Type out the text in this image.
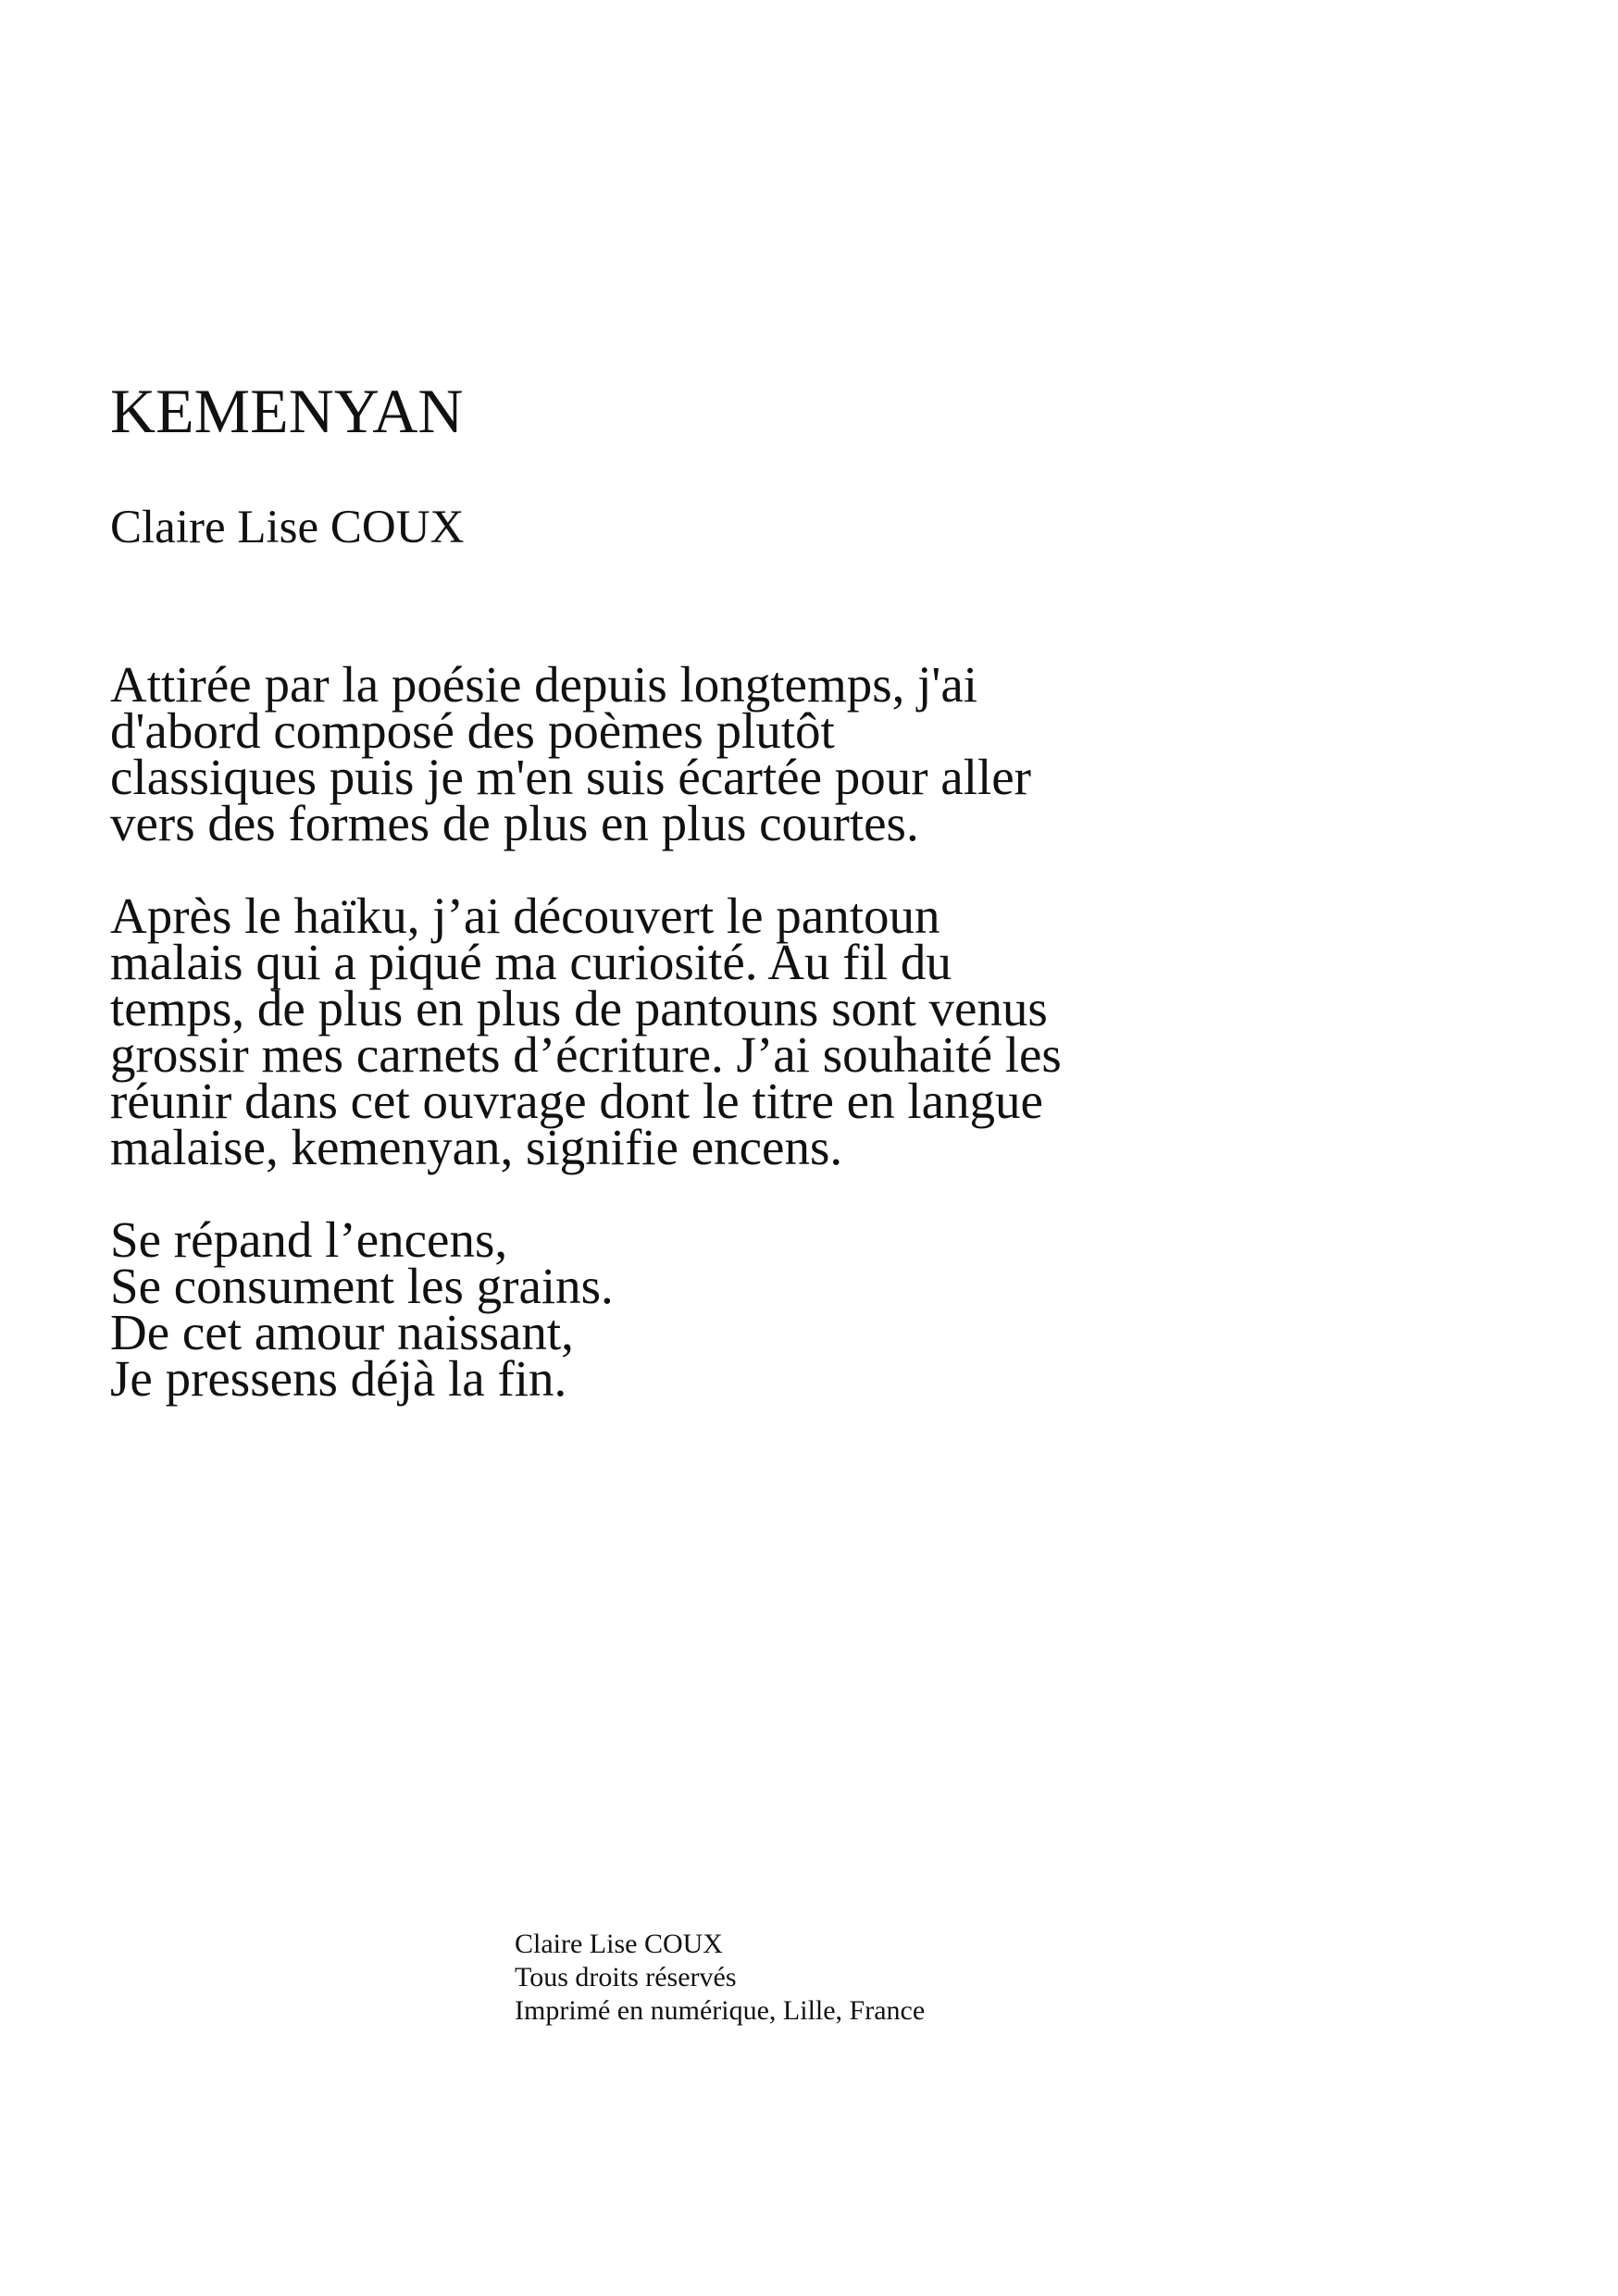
KEMENYAN
Claire Lise COUX

Attirée par la poésie depuis longtemps, j'ai
d'abord composé des poèmes plutôt
classiques puis je m'en suis écartée pour aller
vers des formes de plus en plus courtes.

Après le haïku, j’ai découvert le pantoun
malais qui a piqué ma curiosité. Au fil du
temps, de plus en plus de pantouns sont venus
grossir mes carnets d’écriture. J’ai souhaité les
réunir dans cet ouvrage dont le titre en langue
malaise, kemenyan, signifie encens.

Se répand l’encens,
Se consument les grains.
De cet amour naissant,
Je pressens déjà la fin.

Claire Lise COUX
Tous droits réservés
Imprimé en numérique, Lille, France
